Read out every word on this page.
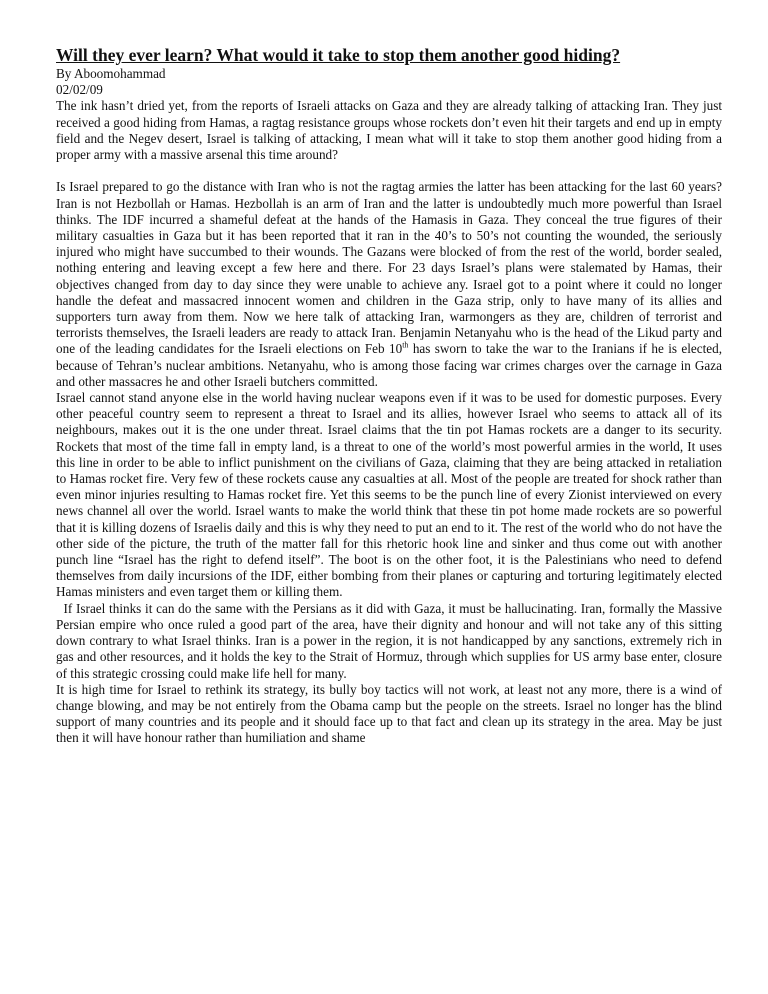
Will they ever learn? What would it take to stop them another good hiding?

By Aboomohammad

02/02/09

The ink hasn’t dried yet, from the reports of Israeli attacks on Gaza and they are already talking of attacking Iran. They just received a good hiding from Hamas, a ragtag resistance groups whose rockets don’t even hit their targets and end up in empty field and the Negev desert, Israel is talking of attacking, I mean what will it take to stop them another good hiding from a proper army with a massive arsenal this time around?

Is Israel prepared to go the distance with Iran who is not the ragtag armies the latter has been attacking for the last 60 years? Iran is not Hezbollah or Hamas. Hezbollah is an arm of Iran and the latter is undoubtedly much more powerful than Israel thinks. The IDF incurred a shameful defeat at the hands of the Hamasis in Gaza. They conceal the true figures of their military casualties in Gaza but it has been reported that it ran in the 40’s to 50’s not counting the wounded, the seriously injured who might have succumbed to their wounds. The Gazans were blocked of from the rest of the world, border sealed, nothing entering and leaving except a few here and there. For 23 days Israel’s plans were stalemated by Hamas, their objectives changed from day to day since they were unable to achieve any. Israel got to a point where it could no longer handle the defeat and massacred innocent women and children in the Gaza strip, only to have many of its allies and supporters turn away from them. Now we here talk of attacking Iran, warmongers as they are, children of terrorist and terrorists themselves, the Israeli leaders are ready to attack Iran. Benjamin Netanyahu who is the head of the Likud party and one of the leading candidates for the Israeli elections on Feb 10th has sworn to take the war to the Iranians if he is elected, because of Tehran’s nuclear ambitions. Netanyahu, who is among those facing war crimes charges over the carnage in Gaza and other massacres he and other Israeli butchers committed.

Israel cannot stand anyone else in the world having nuclear weapons even if it was to be used for domestic purposes. Every other peaceful country seem to represent a threat to Israel and its allies, however Israel who seems to attack all of its neighbours, makes out it is the one under threat. Israel claims that the tin pot Hamas rockets are a danger to its security. Rockets that most of the time fall in empty land, is a threat to one of the world’s most powerful armies in the world, It uses this line in order to be able to inflict punishment on the civilians of Gaza, claiming that they are being attacked in retaliation to Hamas rocket fire. Very few of these rockets cause any casualties at all. Most of the people are treated for shock rather than even minor injuries resulting to Hamas rocket fire. Yet this seems to be the punch line of every Zionist interviewed on every news channel all over the world. Israel wants to make the world think that these tin pot home made rockets are so powerful that it is killing dozens of Israelis daily and this is why they need to put an end to it. The rest of the world who do not have the other side of the picture, the truth of the matter fall for this rhetoric hook line and sinker and thus come out with another punch line “Israel has the right to defend itself”. The boot is on the other foot, it is the Palestinians who need to defend themselves from daily incursions of the IDF, either bombing from their planes or capturing and torturing legitimately elected Hamas ministers and even target them or killing them.

If Israel thinks it can do the same with the Persians as it did with Gaza, it must be hallucinating. Iran, formally the Massive Persian empire who once ruled a good part of the area, have their dignity and honour and will not take any of this sitting down contrary to what Israel thinks. Iran is a power in the region, it is not handicapped by any sanctions, extremely rich in gas and other resources, and it holds the key to the Strait of Hormuz, through which supplies for US army base enter, closure of this strategic crossing could make life hell for many.

It is high time for Israel to rethink its strategy, its bully boy tactics will not work, at least not any more, there is a wind of change blowing, and may be not entirely from the Obama camp but the people on the streets. Israel no longer has the blind support of many countries and its people and it should face up to that fact and clean up its strategy in the area. May be just then it will have honour rather than humiliation and shame
